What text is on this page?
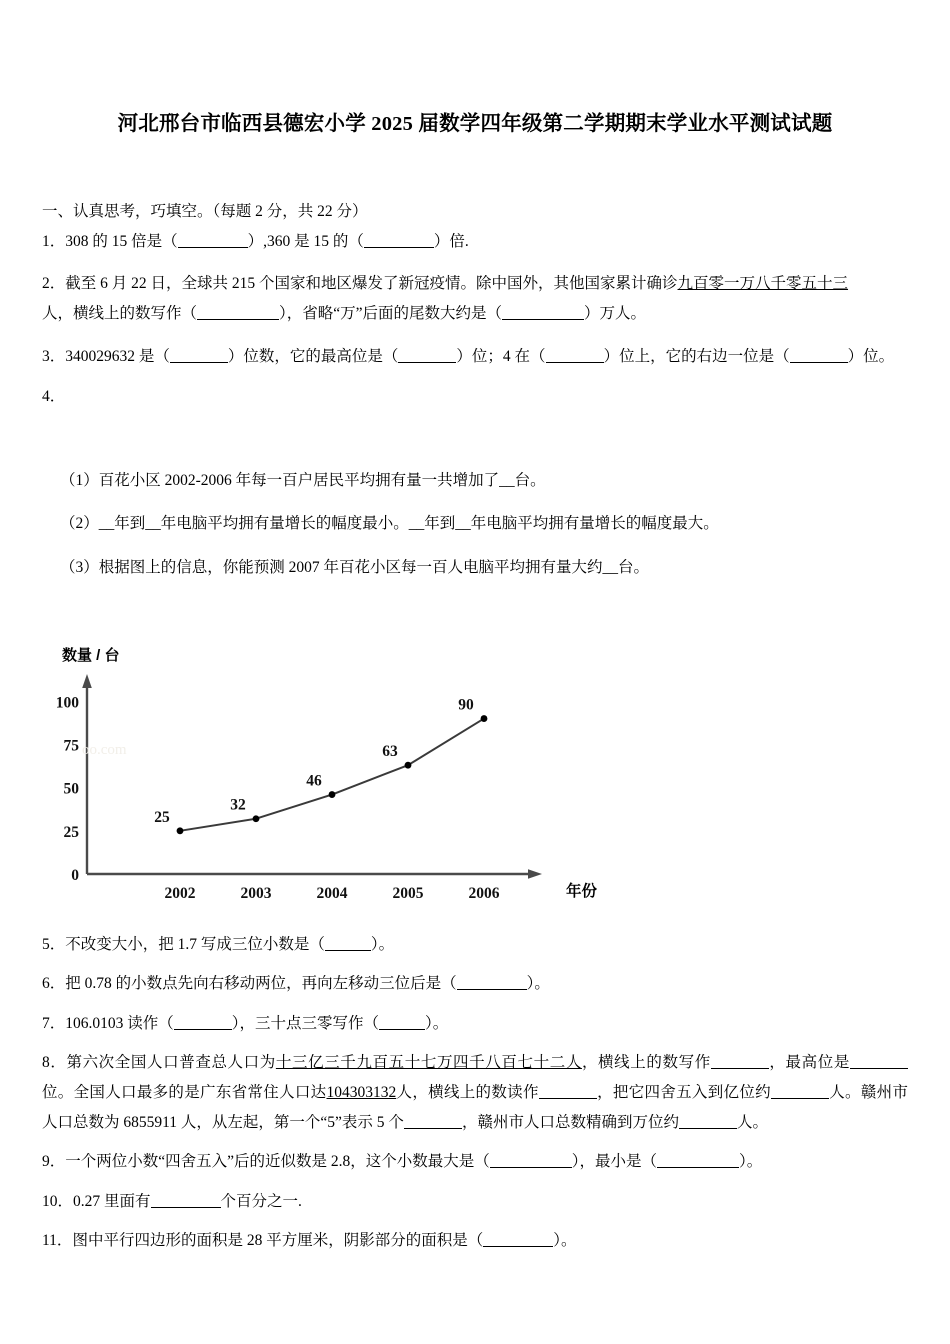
河北邢台市临西县德宏小学 2025 届数学四年级第二学期期末学业水平测试试题
一、认真思考，巧填空。（每题 2 分，共 22 分）
1．308 的 15 倍是（	）,360 是 15 的（	）倍.
2．截至 6 月 22 日，全球共 215 个国家和地区爆发了新冠疫情。除中国外，其他国家累计确诊九百零一万八千零五十三
人，横线上的数写作（	），省略“万”后面的尾数大约是（	）万人。
3．340029632 是（	）位数，它的最高位是（	）位；4 在（	）位上，它的右边一位是（	）位。
4．
（1）百花小区 2002‑2006 年每一百户居民平均拥有量一共增加了__台。
（2）__年到__年电脑平均拥有量增长的幅度最小。__年到__年电脑平均拥有量增长的幅度最大。
（3）根据图上的信息，你能预测 2007 年百花小区每一百人电脑平均拥有量大约__台。
数量 / 台
0
25
50
75
100
2002	2003	2004	2005	2006
25
32
46
63
90
年份
oo.com
5．不改变大小，把 1.7 写成三位小数是（	）。
6．把 0.78 的小数点先向右移动两位，再向左移动三位后是（	）。
7．106.0103 读作（	），三十点三零写作（	）。
8．第六次全国人口普查总人口为十三亿三千九百五十七万四千八百七十二人，横线上的数写作	，最高位是位。全国人口最多的是广东省常住人口达104303132人，横线上的数读作	，把它四舍五入到亿位约	人。赣州市人口总数为 6855911 人，从左起，第一个“5”表示 5 个	，赣州市人口总数精确到万位约	人。
9．一个两位小数“四舍五入”后的近似数是 2.8，这个小数最大是（	），最小是（	）。
10．0.27 里面有	个百分之一.
11．图中平行四边形的面积是 28 平方厘米，阴影部分的面积是（	）。
